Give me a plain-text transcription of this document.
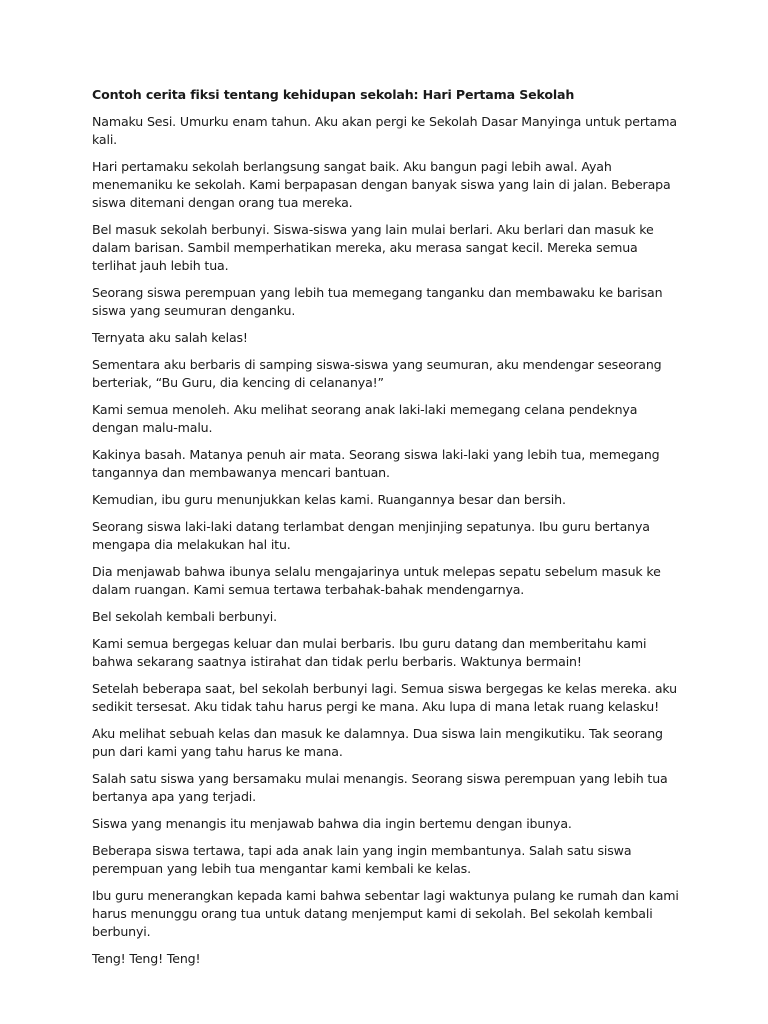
Contoh cerita fiksi tentang kehidupan sekolah: Hari Pertama Sekolah

Namaku Sesi. Umurku enam tahun. Aku akan pergi ke Sekolah Dasar Manyinga untuk pertama kali.

Hari pertamaku sekolah berlangsung sangat baik. Aku bangun pagi lebih awal. Ayah menemaniku ke sekolah. Kami berpapasan dengan banyak siswa yang lain di jalan. Beberapa siswa ditemani dengan orang tua mereka.

Bel masuk sekolah berbunyi. Siswa-siswa yang lain mulai berlari. Aku berlari dan masuk ke dalam barisan. Sambil memperhatikan mereka, aku merasa sangat kecil. Mereka semua terlihat jauh lebih tua.

Seorang siswa perempuan yang lebih tua memegang tanganku dan membawaku ke barisan siswa yang seumuran denganku.

Ternyata aku salah kelas!

Sementara aku berbaris di samping siswa-siswa yang seumuran, aku mendengar seseorang berteriak, “Bu Guru, dia kencing di celananya!”

Kami semua menoleh. Aku melihat seorang anak laki-laki memegang celana pendeknya dengan malu-malu.

Kakinya basah. Matanya penuh air mata. Seorang siswa laki-laki yang lebih tua, memegang tangannya dan membawanya mencari bantuan.

Kemudian, ibu guru menunjukkan kelas kami. Ruangannya besar dan bersih.

Seorang siswa laki-laki datang terlambat dengan menjinjing sepatunya. Ibu guru bertanya mengapa dia melakukan hal itu.

Dia menjawab bahwa ibunya selalu mengajarinya untuk melepas sepatu sebelum masuk ke dalam ruangan. Kami semua tertawa terbahak-bahak mendengarnya.

Bel sekolah kembali berbunyi.

Kami semua bergegas keluar dan mulai berbaris. Ibu guru datang dan memberitahu kami bahwa sekarang saatnya istirahat dan tidak perlu berbaris. Waktunya bermain!

Setelah beberapa saat, bel sekolah berbunyi lagi. Semua siswa bergegas ke kelas mereka. aku sedikit tersesat. Aku tidak tahu harus pergi ke mana. Aku lupa di mana letak ruang kelasku!

Aku melihat sebuah kelas dan masuk ke dalamnya. Dua siswa lain mengikutiku. Tak seorang pun dari kami yang tahu harus ke mana.

Salah satu siswa yang bersamaku mulai menangis. Seorang siswa perempuan yang lebih tua bertanya apa yang terjadi.

Siswa yang menangis itu menjawab bahwa dia ingin bertemu dengan ibunya.

Beberapa siswa tertawa, tapi ada anak lain yang ingin membantunya. Salah satu siswa perempuan yang lebih tua mengantar kami kembali ke kelas.

Ibu guru menerangkan kepada kami bahwa sebentar lagi waktunya pulang ke rumah dan kami harus menunggu orang tua untuk datang menjemput kami di sekolah. Bel sekolah kembali berbunyi.

Teng! Teng! Teng!
